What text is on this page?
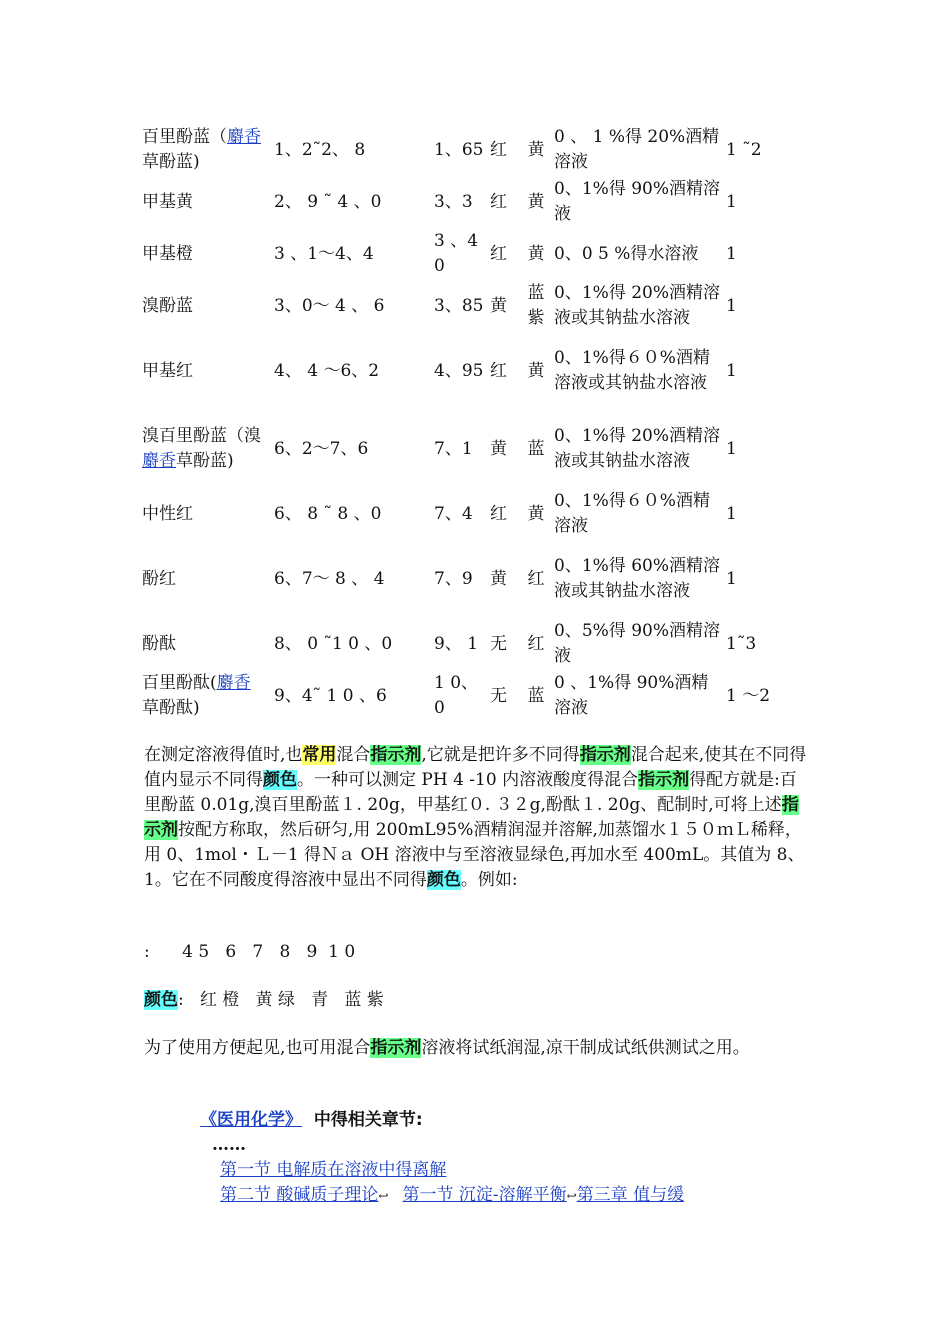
百里酚蓝（麝香草酚蓝)	1、2˜2、 8	1、65	红	黄	0 、 1 %得 20%酒精溶液	1 ˜2
甲基黄	2、 9 ˜ 4 、0	3、3	红	黄	0、1%得 90%酒精溶液	1
甲基橙	3 、1～4、4	3 、4 0	红	黄	0、0 5 %得水溶液	1
溴酚蓝	3、0～ 4 、 6	3、85	黄	蓝紫	0、1%得 20%酒精溶液或其钠盐水溶液	1
甲基红	4、 4 ～6、2	4、95	红	黄	0、1%得６０%酒精溶液或其钠盐水溶液	1
溴百里酚蓝（溴麝香草酚蓝)	6、2～7、6	7、1	黄	蓝	0、1%得 20%酒精溶液或其钠盐水溶液	1
中性红	6、 8 ˜ 8 、0	7、4	红	黄	0、1%得６０%酒精溶液	1
酚红	6、7～ 8 、 4	7、9	黄	红	0、1%得 60%酒精溶液或其钠盐水溶液	1
酚酞	8、 0 ˜1 0 、0	9、 1	无	红	0、5%得 90%酒精溶液	1˜3
百里酚酞(麝香草酚酞)	9、4˜ 1 0 、6	1 0、0	无	蓝	0 、1%得 90%酒精溶液	1 ～2
在测定溶液得值时,也常用混合指示剂,它就是把许多不同得指示剂混合起来,使其在不同得值内显示不同得颜色。一种可以测定 PH 4 -10 内溶液酸度得混合指示剂得配方就是:百里酚蓝 0.01g,溴百里酚蓝１. 20g，甲基红０. ３２g,酚酞１. 20g、配制时,可将上述指示剂按配方称取，然后研匀,用 200mL95%酒精润湿并溶解,加蒸馏水１５０ｍＬ稀释，用 0、1mol・Ｌ－1 得Ｎａ OH 溶液中与至溶液显绿色,再加水至 400mL。其值为 8、1。它在不同酸度得溶液中显出不同得颜色。例如:
:      4 5   6   7   8   9  1 0
颜色:   红 橙   黄 绿   青   蓝 紫
为了使用方便起见,也可用混合指示剂溶液将试纸润湿,凉干制成试纸供测试之用。
《医用化学》  中得相关章节:
……
第一节 电解质在溶液中得离解
第二节 酸碱质子理论↩ 第一节 沉淀-溶解平衡↩第三章 值与缓
